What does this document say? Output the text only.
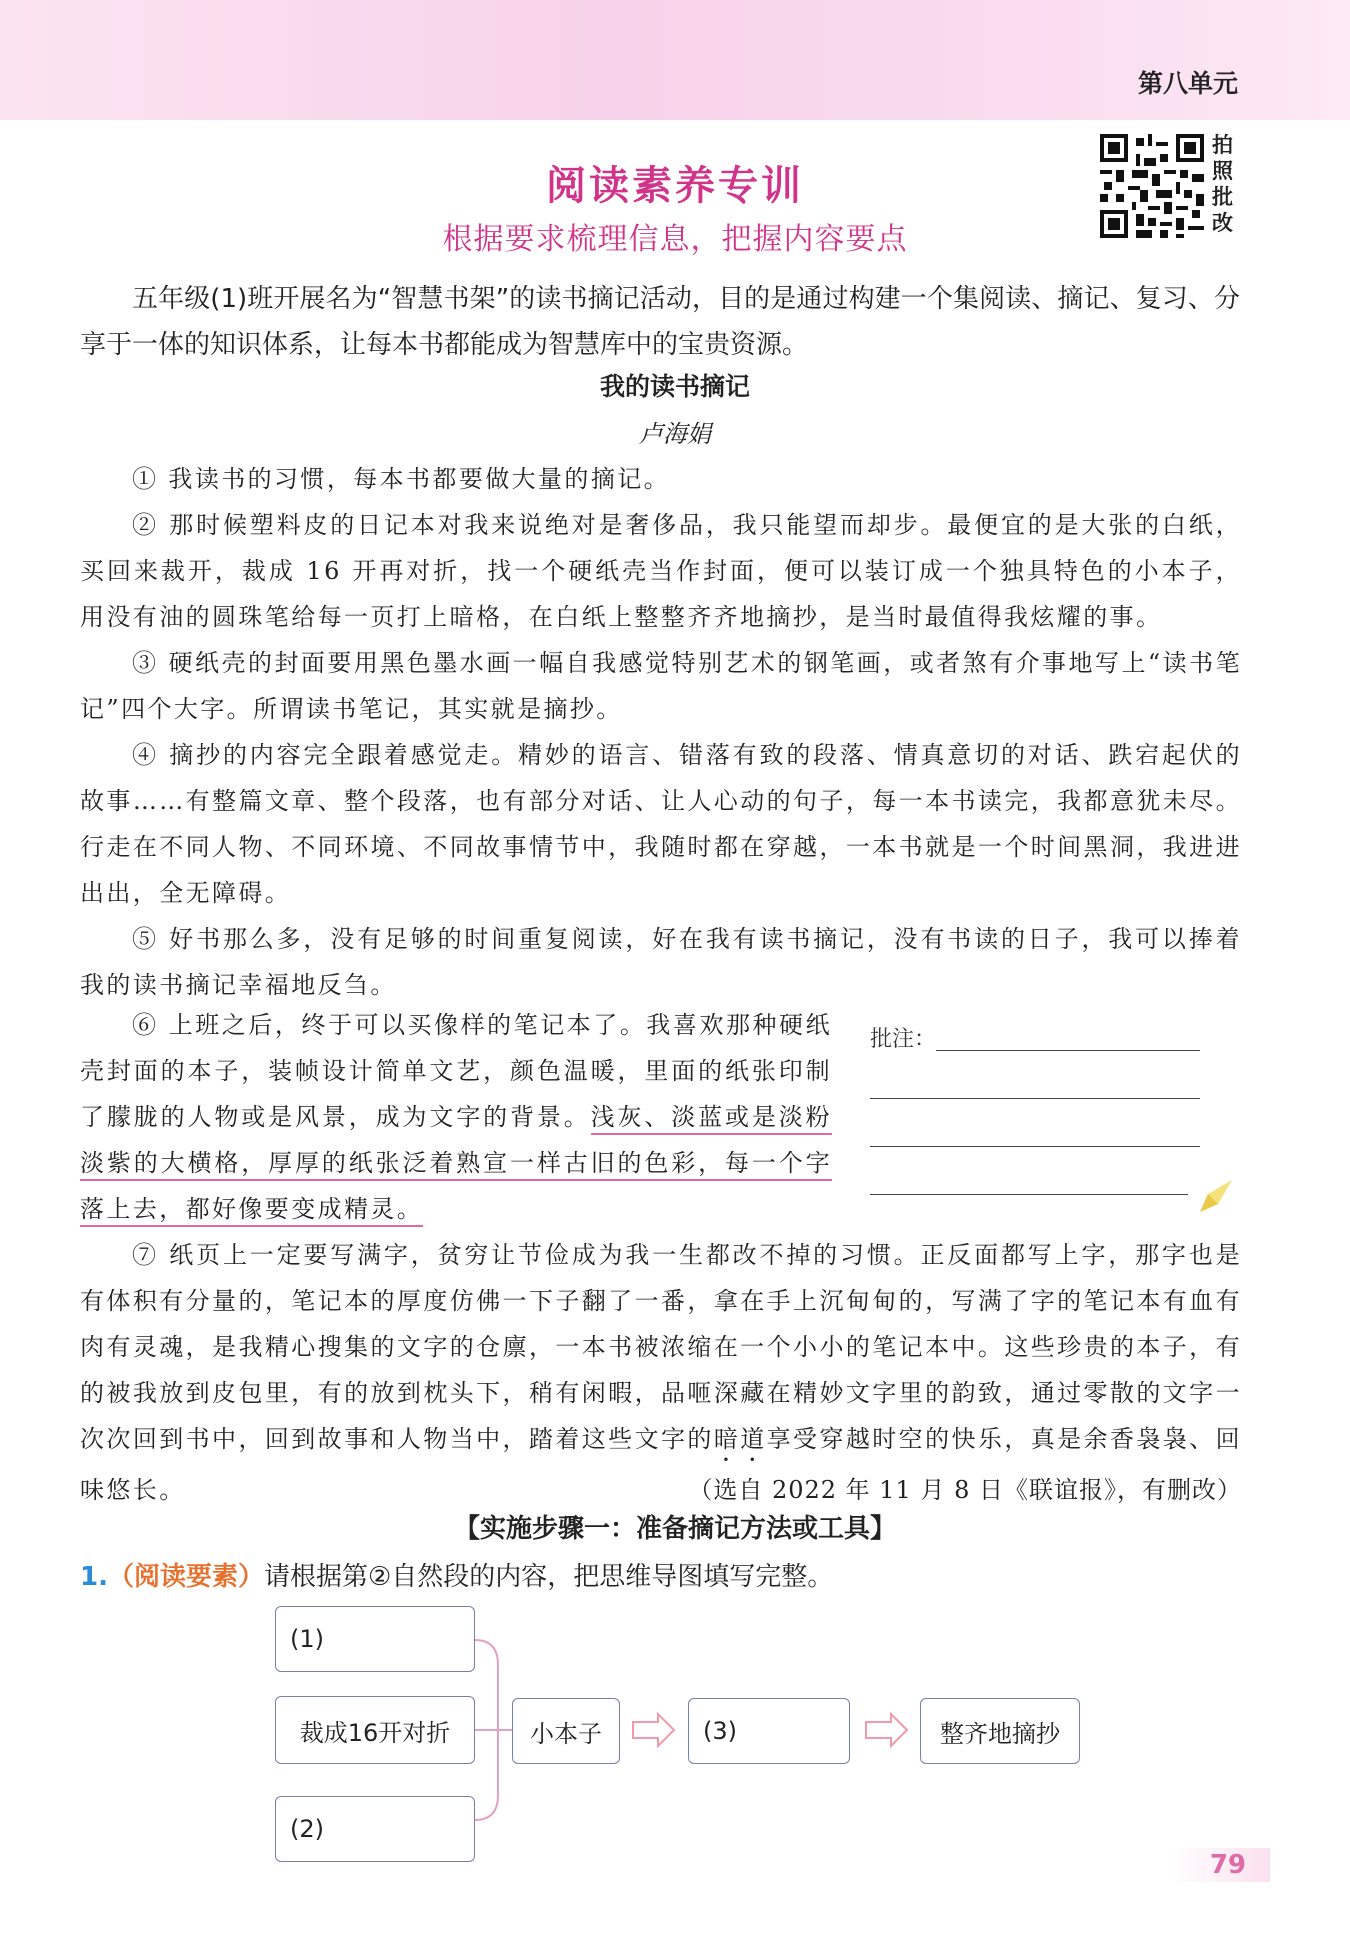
第八单元
拍照批改
阅读素养专训
根据要求梳理信息，把握内容要点

五年级(1)班开展名为“智慧书架”的读书摘记活动，目的是通过构建一个集阅读、摘记、复习、分享于一体的知识体系，让每本书都能成为智慧库中的宝贵资源。

我的读书摘记
卢海娟

① 我读书的习惯，每本书都要做大量的摘记。

② 那时候塑料皮的日记本对我来说绝对是奢侈品，我只能望而却步。最便宜的是大张的白纸，买回来裁开，裁成 16 开再对折，找一个硬纸壳当作封面，便可以装订成一个独具特色的小本子，用没有油的圆珠笔给每一页打上暗格，在白纸上整整齐齐地摘抄，是当时最值得我炫耀的事。

③ 硬纸壳的封面要用黑色墨水画一幅自我感觉特别艺术的钢笔画，或者煞有介事地写上“读书笔记”四个大字。所谓读书笔记，其实就是摘抄。

④ 摘抄的内容完全跟着感觉走。精妙的语言、错落有致的段落、情真意切的对话、跌宕起伏的故事……有整篇文章、整个段落，也有部分对话、让人心动的句子，每一本书读完，我都意犹未尽。行走在不同人物、不同环境、不同故事情节中，我随时都在穿越，一本书就是一个时间黑洞，我进进出出，全无障碍。

⑤ 好书那么多，没有足够的时间重复阅读，好在我有读书摘记，没有书读的日子，我可以捧着我的读书摘记幸福地反刍。

⑥ 上班之后，终于可以买像样的笔记本了。我喜欢那种硬纸壳封面的本子，装帧设计简单文艺，颜色温暖，里面的纸张印制了朦胧的人物或是风景，成为文字的背景。浅灰、淡蓝或是淡粉淡紫的大横格，厚厚的纸张泛着熟宣一样古旧的色彩，每一个字落上去，都好像要变成精灵。

批注：

⑦ 纸页上一定要写满字，贫穷让节俭成为我一生都改不掉的习惯。正反面都写上字，那字也是有体积有分量的，笔记本的厚度仿佛一下子翻了一番，拿在手上沉甸甸的，写满了字的笔记本有血有肉有灵魂，是我精心搜集的文字的仓廪，一本书被浓缩在一个小小的笔记本中。这些珍贵的本子，有的被我放到皮包里，有的放到枕头下，稍有闲暇，品咂深藏在精妙文字里的韵致，通过零散的文字一次次回到书中，回到故事和人物当中，踏着这些文字的暗道享受穿越时空的快乐，真是余香袅袅、回味悠长。	（选自 2022 年 11 月 8 日《联谊报》，有删改）

【实施步骤一：准备摘记方法或工具】
1.（阅读要素）请根据第②自然段的内容，把思维导图填写完整。
(1)
裁成16开对折
(2)
小本子	(3)	整齐地摘抄
79
